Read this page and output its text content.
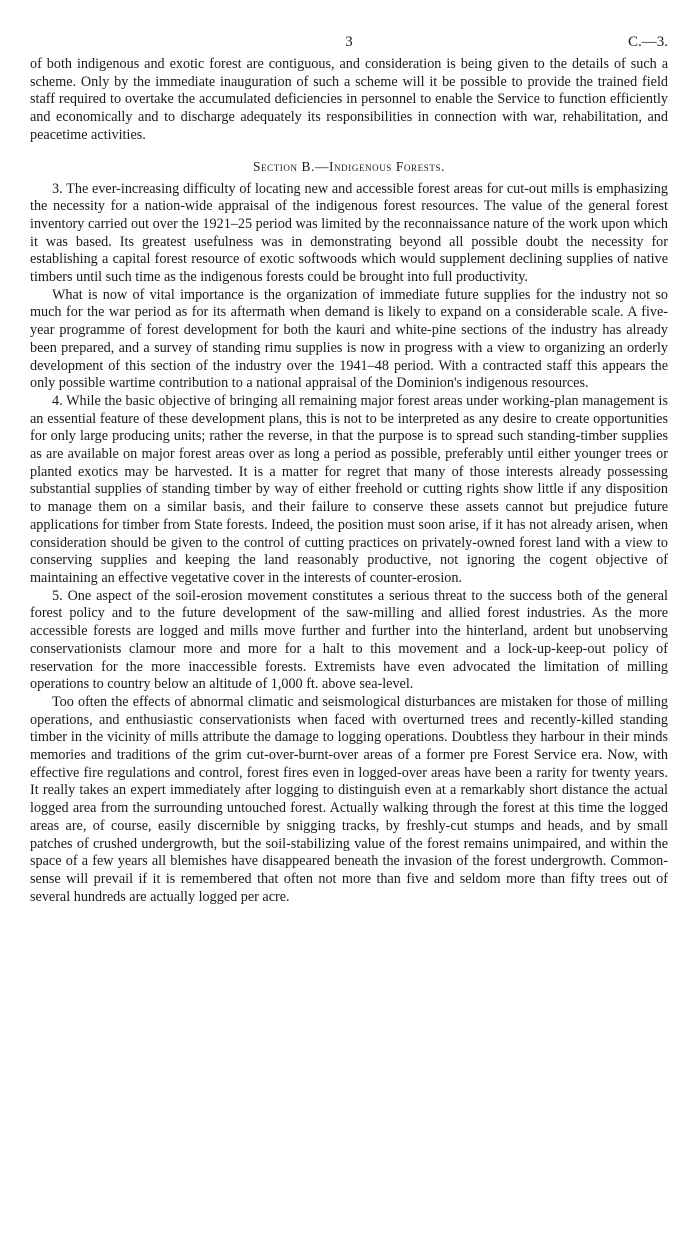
3	C.—3.

of both indigenous and exotic forest are contiguous, and consideration is being given to the details of such a scheme. Only by the immediate inauguration of such a scheme will it be possible to provide the trained field staff required to overtake the accumulated deficiencies in personnel to enable the Service to function efficiently and economically and to discharge adequately its responsibilities in connection with war, rehabilitation, and peacetime activities.

Section B.—Indigenous Forests.

3. The ever-increasing difficulty of locating new and accessible forest areas for cut-out mills is emphasizing the necessity for a nation-wide appraisal of the indigenous forest resources. The value of the general forest inventory carried out over the 1921–25 period was limited by the reconnaissance nature of the work upon which it was based. Its greatest usefulness was in demonstrating beyond all possible doubt the necessity for establishing a capital forest resource of exotic softwoods which would supplement declining supplies of native timbers until such time as the indigenous forests could be brought into full productivity.

What is now of vital importance is the organization of immediate future supplies for the industry not so much for the war period as for its aftermath when demand is likely to expand on a considerable scale. A five-year programme of forest development for both the kauri and white-pine sections of the industry has already been prepared, and a survey of standing rimu supplies is now in progress with a view to organizing an orderly development of this section of the industry over the 1941–48 period. With a contracted staff this appears the only possible wartime contribution to a national appraisal of the Dominion's indigenous resources.

4. While the basic objective of bringing all remaining major forest areas under working-plan management is an essential feature of these development plans, this is not to be interpreted as any desire to create opportunities for only large producing units; rather the reverse, in that the purpose is to spread such standing-timber supplies as are available on major forest areas over as long a period as possible, preferably until either younger trees or planted exotics may be harvested. It is a matter for regret that many of those interests already possessing substantial supplies of standing timber by way of either freehold or cutting rights show little if any disposition to manage them on a similar basis, and their failure to conserve these assets cannot but prejudice future applications for timber from State forests. Indeed, the position must soon arise, if it has not already arisen, when consideration should be given to the control of cutting practices on privately-owned forest land with a view to conserving supplies and keeping the land reasonably productive, not ignoring the cogent objective of maintaining an effective vegetative cover in the interests of counter-erosion.

5. One aspect of the soil-erosion movement constitutes a serious threat to the success both of the general forest policy and to the future development of the saw-milling and allied forest industries. As the more accessible forests are logged and mills move further and further into the hinterland, ardent but unobserving conservationists clamour more and more for a halt to this movement and a lock-up-keep-out policy of reservation for the more inaccessible forests. Extremists have even advocated the limitation of milling operations to country below an altitude of 1,000 ft. above sea-level.

Too often the effects of abnormal climatic and seismological disturbances are mistaken for those of milling operations, and enthusiastic conservationists when faced with overturned trees and recently-killed standing timber in the vicinity of mills attribute the damage to logging operations. Doubtless they harbour in their minds memories and traditions of the grim cut-over-burnt-over areas of a former pre Forest Service era. Now, with effective fire regulations and control, forest fires even in logged-over areas have been a rarity for twenty years. It really takes an expert immediately after logging to distinguish even at a remarkably short distance the actual logged area from the surrounding untouched forest. Actually walking through the forest at this time the logged areas are, of course, easily discernible by snigging tracks, by freshly-cut stumps and heads, and by small patches of crushed undergrowth, but the soil-stabilizing value of the forest remains unimpaired, and within the space of a few years all blemishes have disappeared beneath the invasion of the forest undergrowth. Common-sense will prevail if it is remembered that often not more than five and seldom more than fifty trees out of several hundreds are actually logged per acre.
